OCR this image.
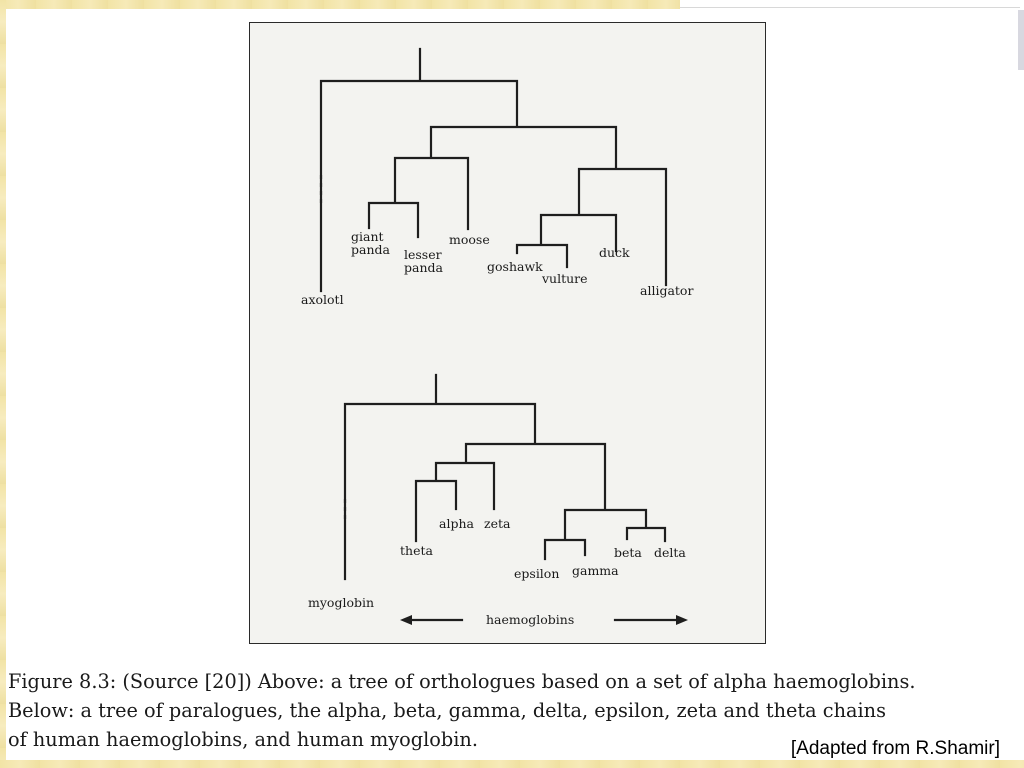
giant panda lesser panda
moose
goshawk
vulture
duck
alligator
axolotl
theta
alpha zeta
epsilon gamma
beta delta
myoglobin
haemoglobins
Figure 8.3: (Source [20]) Above: a tree of orthologues based on a set of alpha haemoglobins.
Below: a tree of paralogues, the alpha, beta, gamma, delta, epsilon, zeta and theta chains
of human haemoglobins, and human myoglobin.	[Adapted from R.Shamir]
